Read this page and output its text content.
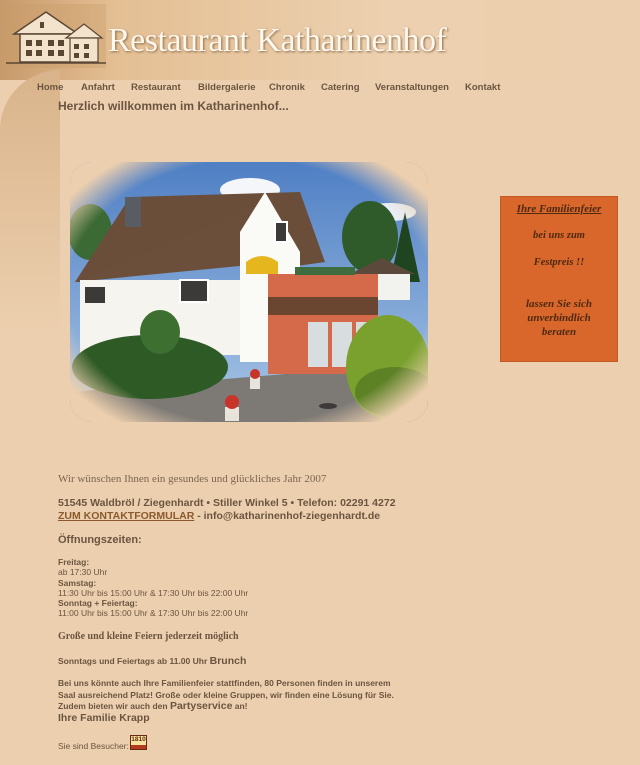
Restaurant Katharinenhof
Home Anfahrt Restaurant Bildergalerie Chronik Catering Veranstaltungen Kontakt
Herzlich willkommen im Katharinenhof...
Ihre Familienfeier
bei uns zum
Festpreis !!
lassen Sie sich
unverbindlich
beraten
Wir wünschen Ihnen ein gesundes und glückliches Jahr 2007
51545 Waldbröl / Ziegenhardt • Stiller Winkel 5 • Telefon: 02291 4272
ZUM KONTAKTFORMULAR - info@katharinenhof-ziegenhardt.de
Öffnungszeiten:
Freitag:
ab 17:30 Uhr
Samstag:
11:30 Uhr bis 15:00 Uhr & 17:30 Uhr bis 22:00 Uhr
Sonntag + Feiertag:
11:00 Uhr bis 15:00 Uhr & 17:30 Uhr bis 22:00 Uhr
Große und kleine Feiern jederzeit möglich
Sonntags und Feiertags ab 11.00 Uhr Brunch
Bei uns könnte auch Ihre Familienfeier stattfinden, 80 Personen finden in unserem
Saal ausreichend Platz! Große oder kleine Gruppen, wir finden eine Lösung für Sie.
Zudem bieten wir auch den Partyservice an!
Ihre Familie Krapp
Sie sind Besucher:
1810
